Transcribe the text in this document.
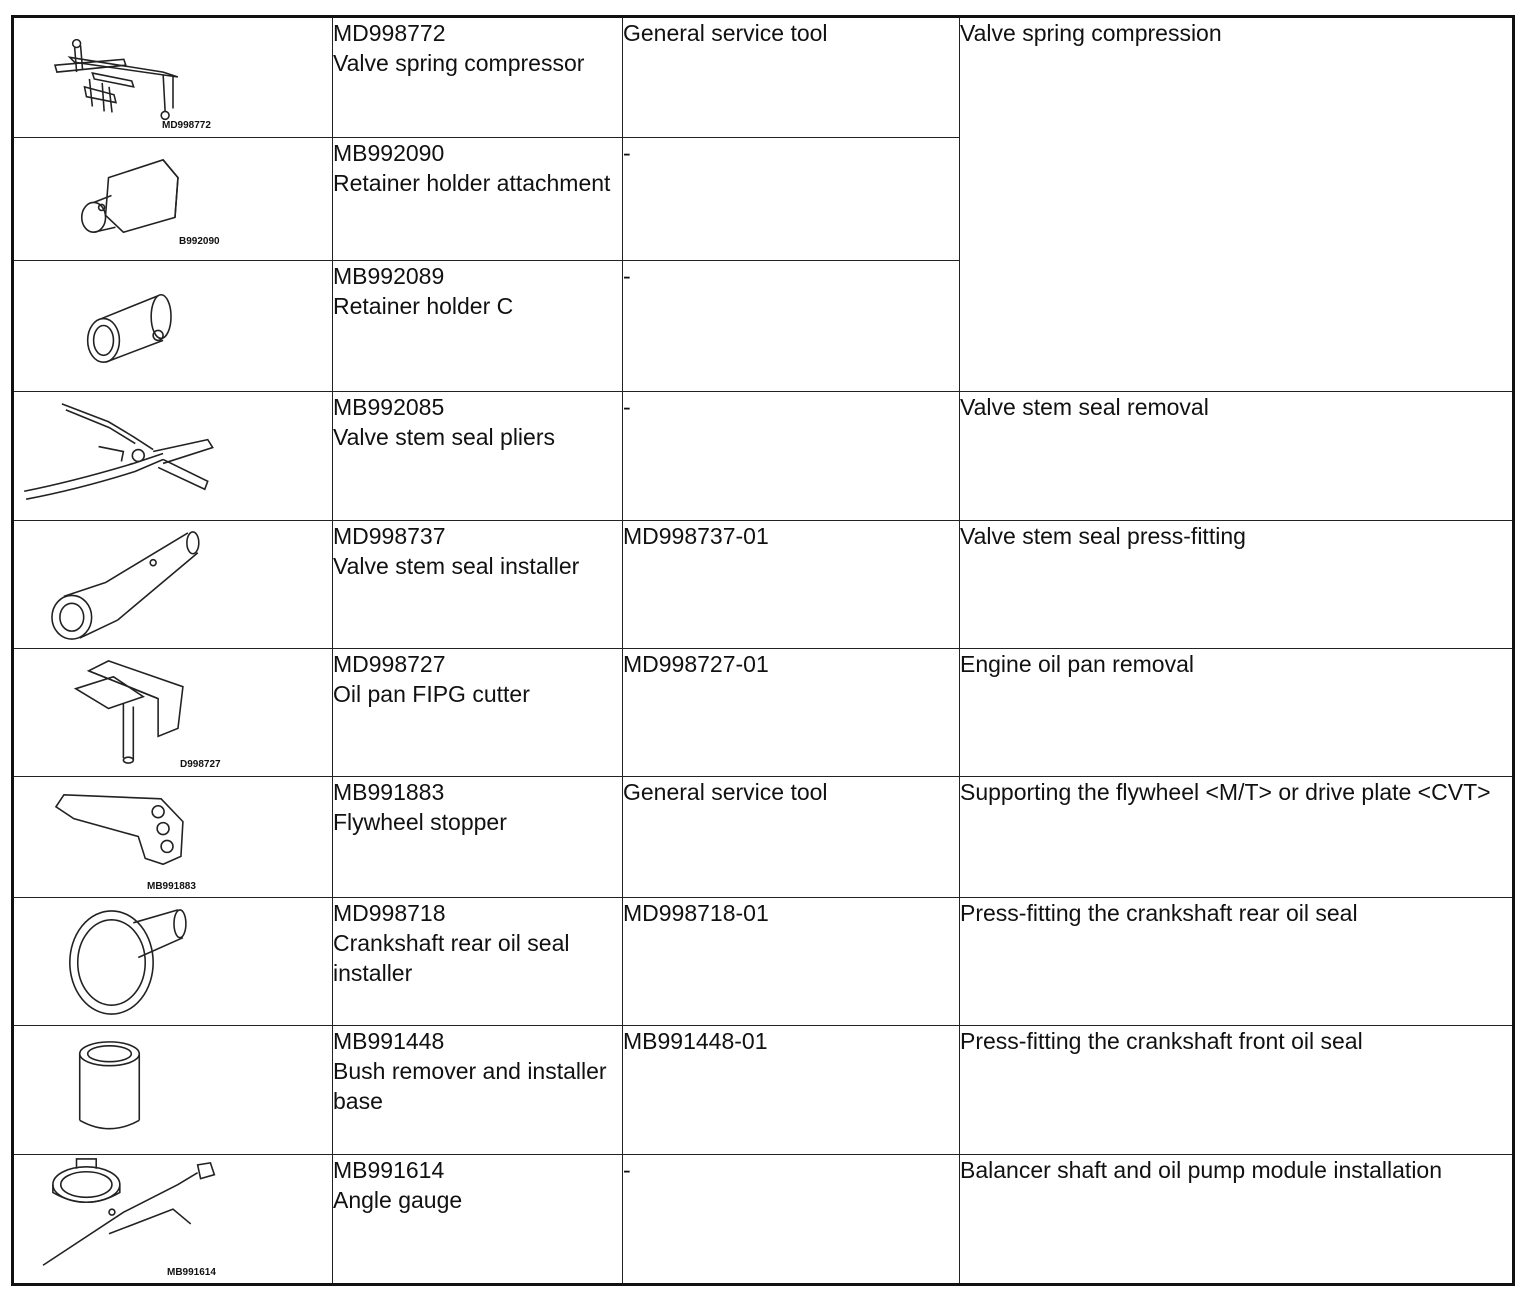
MD998772	MD998772
Valve spring compressor	General service tool	Valve spring compression

B992090	MB992090
Retainer holder attachment	-	

MB992089
Retainer holder C	-	

MB992085
Valve stem seal pliers	-	Valve stem seal removal

MD998737
Valve stem seal installer	MD998737-01	Valve stem seal press-fitting

D998727	MD998727
Oil pan FIPG cutter	MD998727-01	Engine oil pan removal

MB991883	MB991883
Flywheel stopper	General service tool	Supporting the flywheel <M/T> or drive plate <CVT>

MD998718
Crankshaft rear oil seal installer	MD998718-01	Press-fitting the crankshaft rear oil seal

MB991448
Bush remover and installer base	MB991448-01	Press-fitting the crankshaft front oil seal

MB991614	MB991614
Angle gauge	-	Balancer shaft and oil pump module installation
